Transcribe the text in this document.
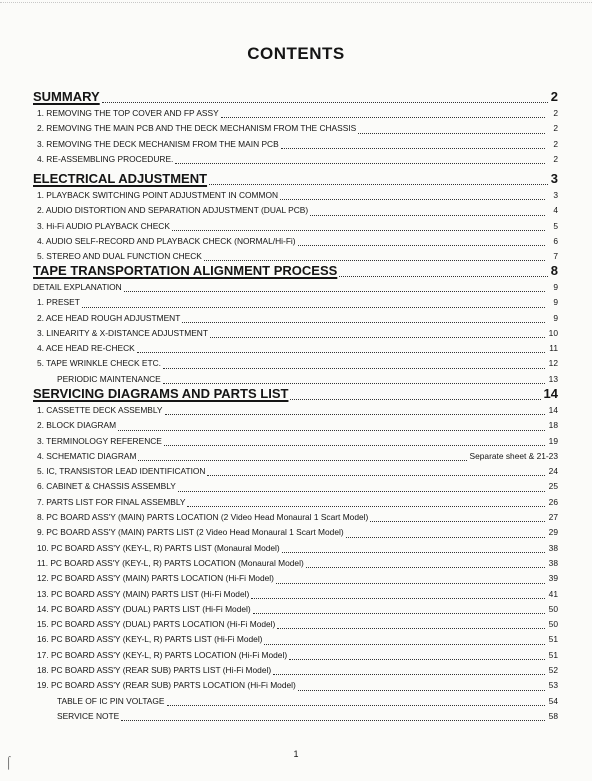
CONTENTS
SUMMARY	2
1. REMOVING THE TOP COVER AND FP ASSY	2
2. REMOVING THE MAIN PCB AND THE DECK MECHANISM FROM THE CHASSIS	2
3. REMOVING THE DECK MECHANISM FROM THE MAIN PCB	2
4. RE-ASSEMBLING PROCEDURE.	2
ELECTRICAL ADJUSTMENT	3
1. PLAYBACK SWITCHING POINT ADJUSTMENT IN COMMON	3
2. AUDIO DISTORTION AND SEPARATION ADJUSTMENT (DUAL PCB)	4
3. Hi-Fi AUDIO PLAYBACK CHECK	5
4. AUDIO SELF-RECORD AND PLAYBACK CHECK (NORMAL/Hi-Fi)	6
5. STEREO AND DUAL FUNCTION CHECK	7
TAPE TRANSPORTATION ALIGNMENT PROCESS	8
DETAIL EXPLANATION	9
1. PRESET	9
2. ACE HEAD ROUGH ADJUSTMENT	9
3. LINEARITY & X-DISTANCE ADJUSTMENT	10
4. ACE HEAD RE-CHECK	11
5. TAPE WRINKLE CHECK ETC.	12
PERIODIC MAINTENANCE	13
SERVICING DIAGRAMS AND PARTS LIST	14
1. CASSETTE DECK ASSEMBLY	14
2. BLOCK DIAGRAM	18
3. TERMINOLOGY REFERENCE	19
4. SCHEMATIC DIAGRAM	Separate sheet & 21-23
5. IC, TRANSISTOR LEAD IDENTIFICATION	24
6. CABINET & CHASSIS ASSEMBLY	25
7. PARTS LIST FOR FINAL ASSEMBLY	26
8. PC BOARD ASS'Y (MAIN) PARTS LOCATION (2 Video Head Monaural 1 Scart Model)	27
9. PC BOARD ASS'Y (MAIN) PARTS LIST (2 Video Head Monaural 1 Scart Model)	29
10. PC BOARD ASS'Y (KEY-L, R) PARTS LIST (Monaural Model)	38
11. PC BOARD ASS'Y (KEY-L, R) PARTS LOCATION (Monaural Model)	38
12. PC BOARD ASS'Y (MAIN) PARTS LOCATION (Hi-Fi Model)	39
13. PC BOARD ASS'Y (MAIN) PARTS LIST (Hi-Fi Model)	41
14. PC BOARD ASS'Y (DUAL) PARTS LIST (Hi-Fi Model)	50
15. PC BOARD ASS'Y (DUAL) PARTS LOCATION (Hi-Fi Model)	50
16. PC BOARD ASS'Y (KEY-L, R) PARTS LIST (Hi-Fi Model)	51
17. PC BOARD ASS'Y (KEY-L, R) PARTS LOCATION (Hi-Fi Model)	51
18. PC BOARD ASS'Y (REAR SUB) PARTS LIST (Hi-Fi Model)	52
19. PC BOARD ASS'Y (REAR SUB) PARTS LOCATION (Hi-Fi Model)	53
TABLE OF IC PIN VOLTAGE	54
SERVICE NOTE	58
1
⌠
